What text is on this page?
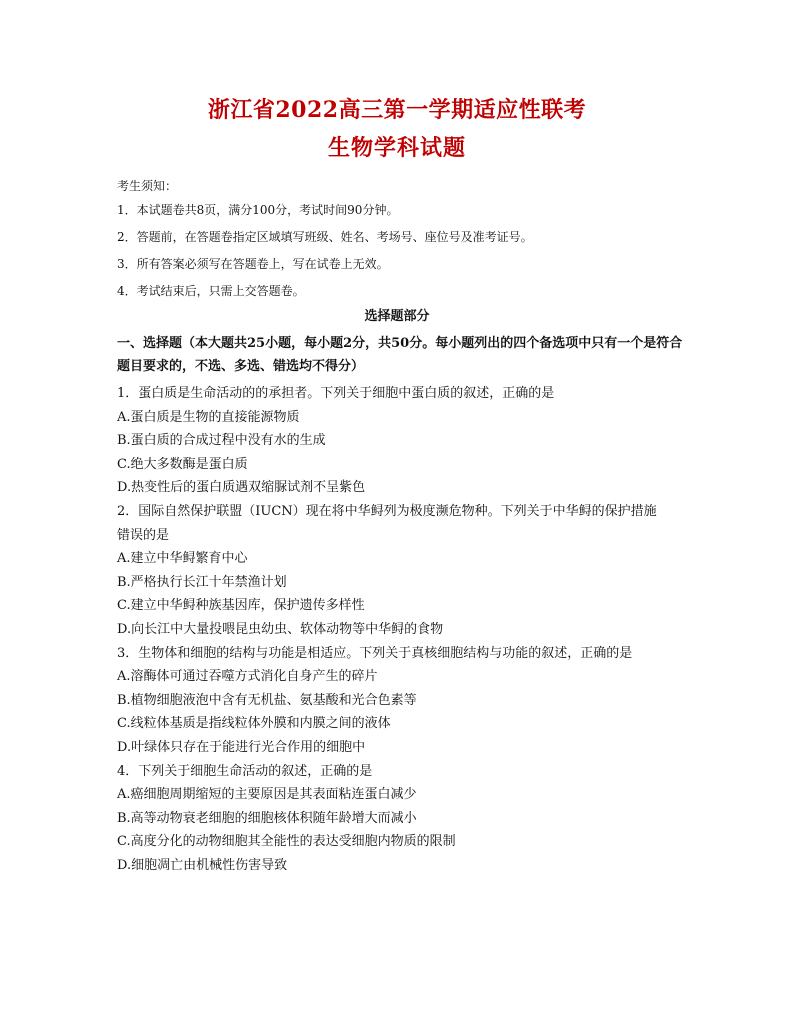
浙江省2022高三第一学期适应性联考
生物学科试题
考生须知：
1．本试题卷共8页，满分100分，考试时间90分钟。
2．答题前，在答题卷指定区域填写班级、姓名、考场号、座位号及准考证号。
3．所有答案必须写在答题卷上，写在试卷上无效。
4．考试结束后，只需上交答题卷。
选择题部分
一、选择题（本大题共25小题，每小题2分，共50分。每小题列出的四个备选项中只有一个是符合题目要求的，不选、多选、错选均不得分）
1．蛋白质是生命活动的的承担者。下列关于细胞中蛋白质的叙述，正确的是
A.蛋白质是生物的直接能源物质
B.蛋白质的合成过程中没有水的生成
C.绝大多数酶是蛋白质
D.热变性后的蛋白质遇双缩脲试剂不呈紫色
2．国际自然保护联盟（IUCN）现在将中华鲟列为极度濒危物种。下列关于中华鲟的保护措施
错误的是
A.建立中华鲟繁育中心
B.严格执行长江十年禁渔计划
C.建立中华鲟种族基因库，保护遗传多样性
D.向长江中大量投喂昆虫幼虫、软体动物等中华鲟的食物
3．生物体和细胞的结构与功能是相适应。下列关于真核细胞结构与功能的叙述，正确的是
A.溶酶体可通过吞噬方式消化自身产生的碎片
B.植物细胞液泡中含有无机盐、氨基酸和光合色素等
C.线粒体基质是指线粒体外膜和内膜之间的液体
D.叶绿体只存在于能进行光合作用的细胞中
4．下列关于细胞生命活动的叙述，正确的是
A.癌细胞周期缩短的主要原因是其表面粘连蛋白减少
B.高等动物衰老细胞的细胞核体积随年龄增大而减小
C.高度分化的动物细胞其全能性的表达受细胞内物质的限制
D.细胞凋亡由机械性伤害导致
